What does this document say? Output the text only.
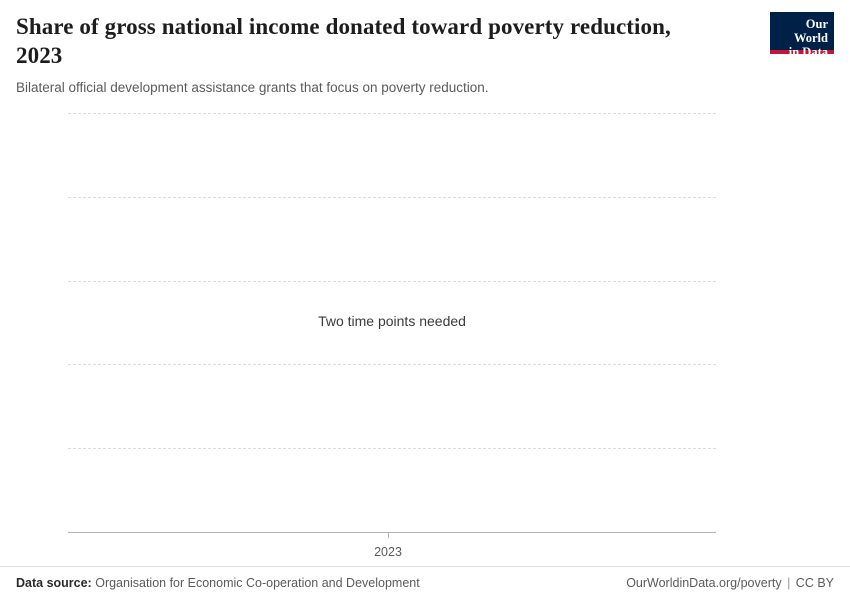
Share of gross national income donated toward poverty reduction, 2023

Bilateral official development assistance grants that focus on poverty reduction.

Our World
in Data
2023
Two time points needed
Data source: Organisation for Economic Co-operation and Development	OurWorldinData.org/poverty | CC BY
